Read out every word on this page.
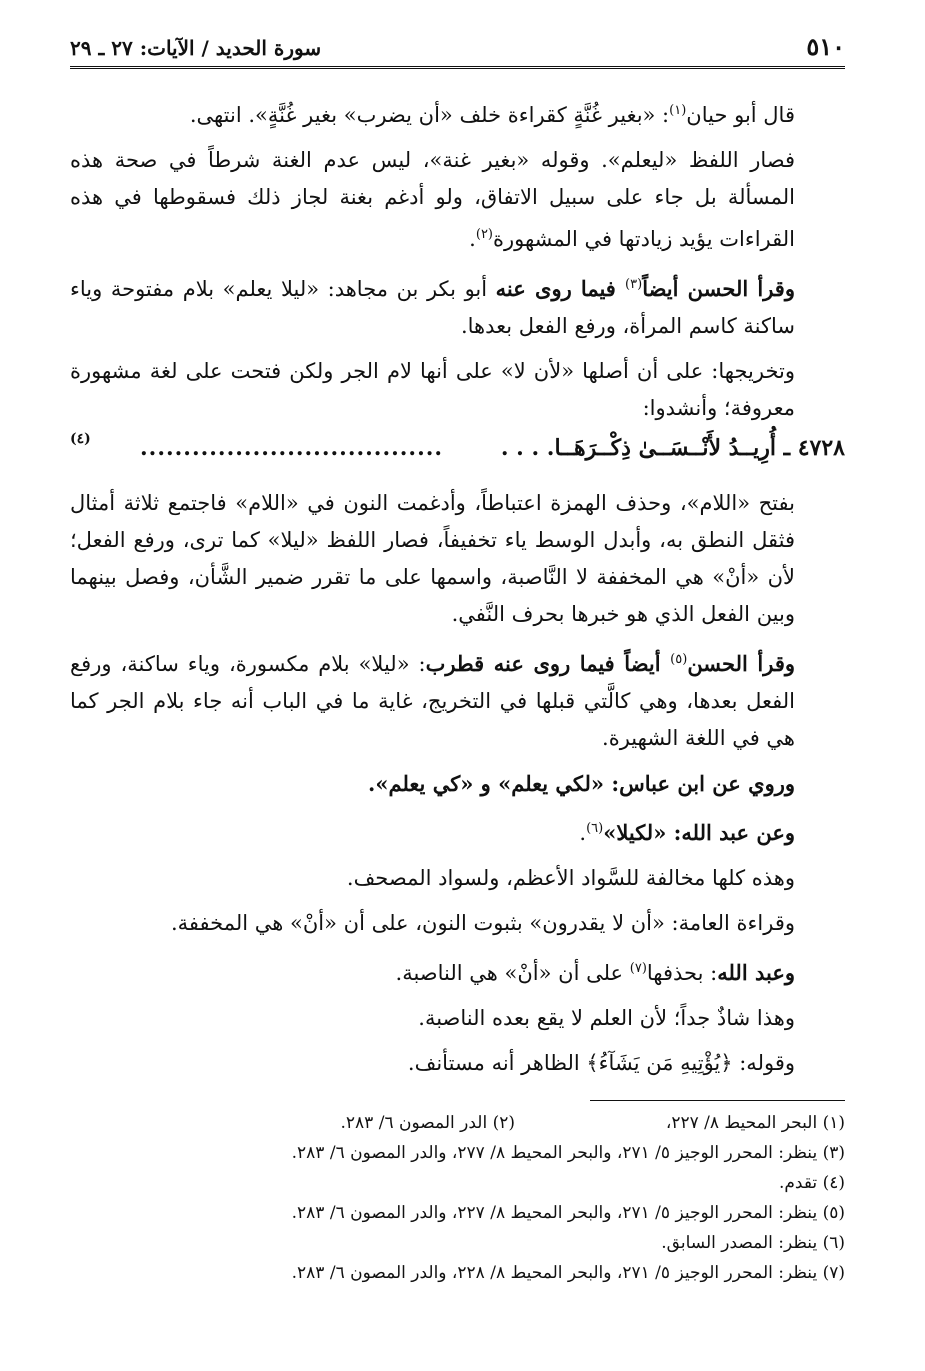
٥١٠
سورة الحديد / الآيات: ٢٧ ـ ٢٩

قال أبو حيان$^{(١)}$: «بغير غُنَّةٍ كقراءة خلف «أن يضرب» بغير غُنَّةٍ». انتهى.

فصار اللفظ «ليعلم». وقوله «بغير غنة»، ليس عدم الغنة شرطاً في صحة هذه المسألة بل جاء على سبيل الاتفاق، ولو أدغم بغنة لجاز ذلك فسقوطها في هذه القراءات يؤيد زيادتها في المشهورة$^{(٢)}$.

وقرأ الحسن أيضاً$^{(٣)}$ فيما روى عنه أبو بكر بن مجاهد: «ليلا يعلم» بلام مفتوحة وياء ساكنة كاسم المرأة، ورفع الفعل بعدها.

وتخريجها: على أن أصلها «لأن لا» على أنها لام الجر ولكن فتحت على لغة مشهورة معروفة؛ وأنشدوا:

٤٧٢٨ ـ أُرِيــدُ لأَنْــسَــىٰ ذِكْــرَهَــا. . . .
...................................
(٤)

بفتح «اللام»، وحذف الهمزة اعتباطاً، وأدغمت النون في «اللام» فاجتمع ثلاثة أمثال فثقل النطق به، وأبدل الوسط ياء تخفيفاً، فصار اللفظ «ليلا» كما ترى، ورفع الفعل؛ لأن «أنْ» هي المخففة لا النَّاصبة، واسمها على ما تقرر ضمير الشَّأن، وفصل بينهما وبين الفعل الذي هو خبرها بحرف النَّفي.

وقرأ الحسن$^{(٥)}$ أيضاً فيما روى عنه قطرب: «ليلا» بلام مكسورة، وياء ساكنة، ورفع الفعل بعدها، وهي كالَّتي قبلها في التخريج، غاية ما في الباب أنه جاء بلام الجر كما هي في اللغة الشهيرة.

وروي عن ابن عباس: «لكي يعلم» و «كي يعلم».

وعن عبد الله: «لكيلا»$^{(٦)}$.

وهذه كلها مخالفة للسَّواد الأعظم، ولسواد المصحف.

وقراءة العامة: «أن لا يقدرون» بثبوت النون، على أن «أنْ» هي المخففة.

وعبد الله: بحذفها$^{(٧)}$ على أن «أنْ» هي الناصبة.

وهذا شاذٌ جداً؛ لأن العلم لا يقع بعده الناصبة.

وقوله: ﴿يُؤْتِيهِ مَن يَشَآءُ﴾ الظاهر أنه مستأنف.

(١) البحر المحيط ٨/ ٢٢٧،
(٢) الدر المصون ٦/ ٢٨٣.
(٣) ينظر: المحرر الوجيز ٥/ ٢٧١، والبحر المحيط ٨/ ٢٧٧، والدر المصون ٦/ ٢٨٣.
(٤) تقدم.
(٥) ينظر: المحرر الوجيز ٥/ ٢٧١، والبحر المحيط ٨/ ٢٢٧، والدر المصون ٦/ ٢٨٣.
(٦) ينظر: المصدر السابق.
(٧) ينظر: المحرر الوجيز ٥/ ٢٧١، والبحر المحيط ٨/ ٢٢٨، والدر المصون ٦/ ٢٨٣.
